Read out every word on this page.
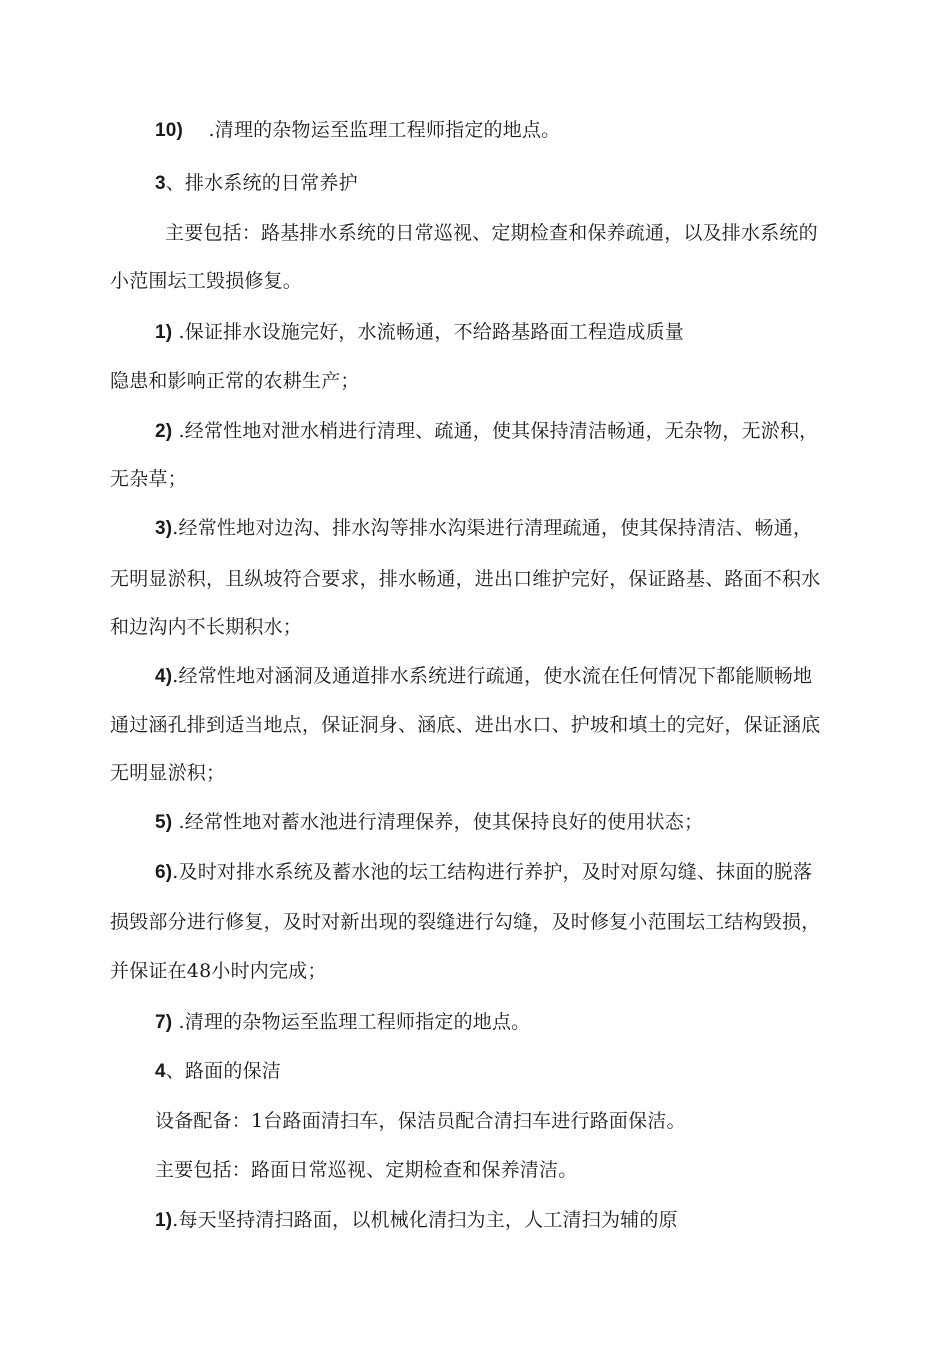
10)　 .清理的杂物运至监理工程师指定的地点。
3、排水系统的日常养护
主要包括：路基排水系统的日常巡视、定期检查和保养疏通，以及排水系统的
小范围坛工毁损修复。
1) .保证排水设施完好，水流畅通，不给路基路面工程造成质量
隐患和影响正常的农耕生产；
2) .经常性地对泄水梢进行清理、疏通，使其保持清洁畅通，无杂物，无淤积，
无杂草；
3).经常性地对边沟、排水沟等排水沟渠进行清理疏通，使其保持清洁、畅通，
无明显淤积，且纵坡符合要求，排水畅通，进出口维护完好，保证路基、路面不积水
和边沟内不长期积水；
4).经常性地对涵洞及通道排水系统进行疏通，使水流在任何情况下都能顺畅地
通过涵孔排到适当地点，保证洞身、涵底、进出水口、护坡和填土的完好，保证涵底
无明显淤积；
5) .经常性地对蓄水池进行清理保养，使其保持良好的使用状态；
6).及时对排水系统及蓄水池的坛工结构进行养护，及时对原勾缝、抹面的脱落
损毁部分进行修复，及时对新出现的裂缝进行勾缝，及时修复小范围坛工结构毁损，
并保证在48小时内完成；
7) .清理的杂物运至监理工程师指定的地点。
4、路面的保洁
设备配备：1台路面清扫车，保洁员配合清扫车进行路面保洁。
主要包括：路面日常巡视、定期检查和保养清洁。
1).每天坚持清扫路面，以机械化清扫为主，人工清扫为辅的原
